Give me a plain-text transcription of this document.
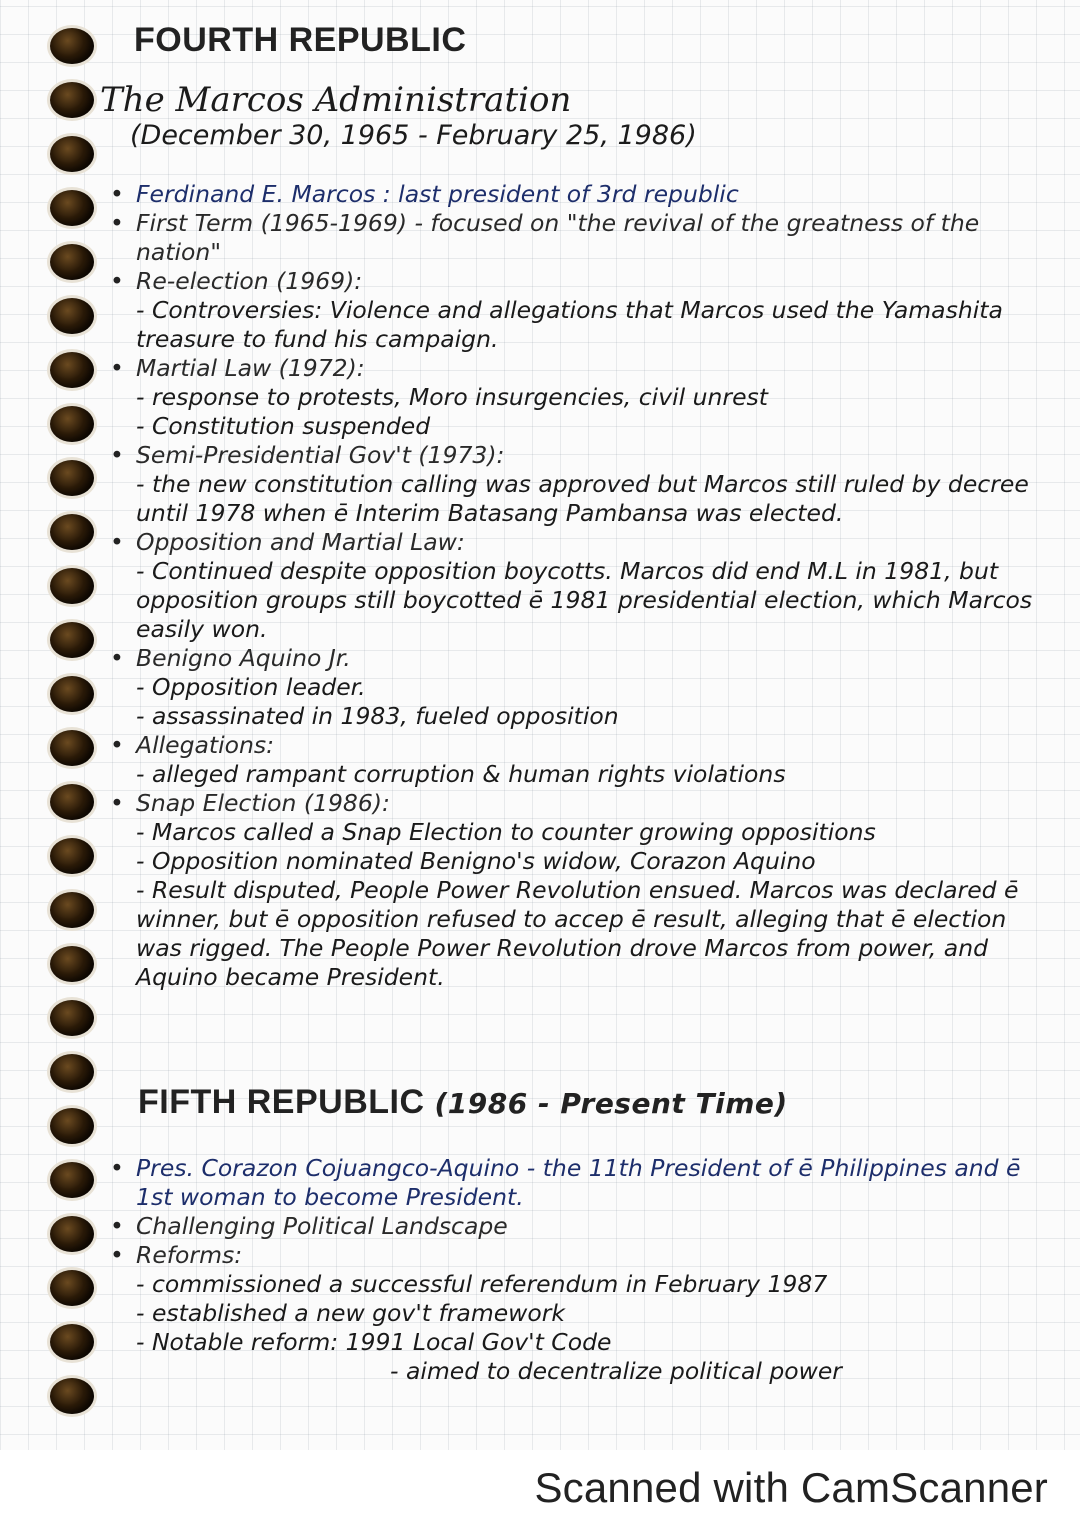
FOURTH REPUBLIC
The Marcos Administration
(December 30, 1965 - February 25, 1986)
• Ferdinand E. Marcos : last president of 3rd republic
• First Term (1965-1969) - focused on "the revival of the greatness of the nation"
• Re-election (1969):
- Controversies: Violence and allegations that Marcos used the Yamashita treasure to fund his campaign.
• Martial Law (1972):
- response to protests, Moro insurgencies, civil unrest
- Constitution suspended
• Semi-Presidential Gov't (1973):
- the new constitution calling was approved but Marcos still ruled by decree until 1978 when ē Interim Batasang Pambansa was elected.
• Opposition and Martial Law:
- Continued despite opposition boycotts. Marcos did end M.L in 1981, but opposition groups still boycotted ē 1981 presidential election, which Marcos easily won.
• Benigno Aquino Jr.
- Opposition leader.
- assassinated in 1983, fueled opposition
• Allegations:
- alleged rampant corruption & human rights violations
• Snap Election (1986):
- Marcos called a Snap Election to counter growing oppositions
- Opposition nominated Benigno's widow, Corazon Aquino
- Result disputed, People Power Revolution ensued. Marcos was declared ē winner, but ē opposition refused to accep ē result, alleging that ē election was rigged. The People Power Revolution drove Marcos from power, and Aquino became President.
FIFTH REPUBLIC (1986 - Present Time)
• Pres. Corazon Cojuangco-Aquino - the 11th President of ē Philippines and ē 1st woman to become President.
• Challenging Political Landscape
• Reforms:
- commissioned a successful referendum in February 1987
- established a new gov't framework
- Notable reform: 1991 Local Gov't Code
- aimed to decentralize political power
Scanned with CamScanner
